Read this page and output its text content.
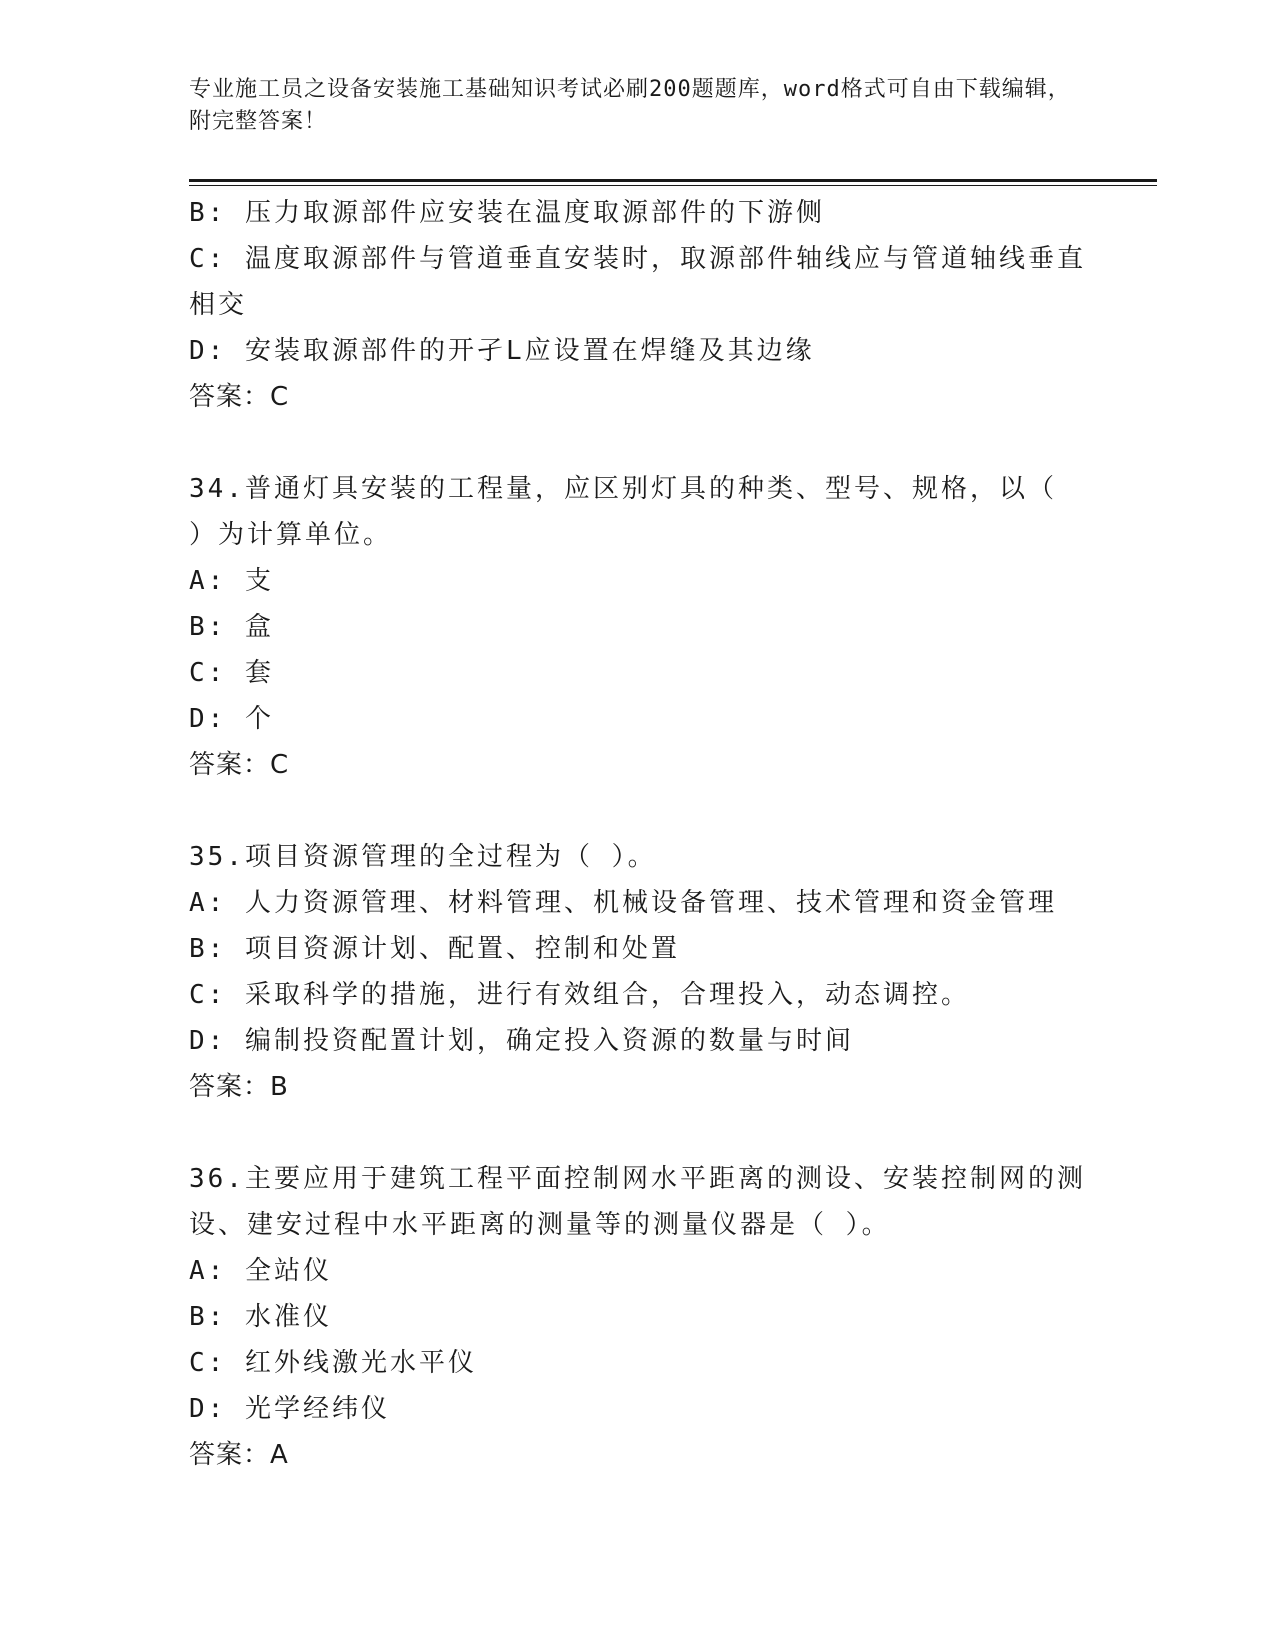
专业施工员之设备安装施工基础知识考试必刷200题题库，word格式可自由下载编辑，附完整答案！
B: 压力取源部件应安装在温度取源部件的下游侧
C: 温度取源部件与管道垂直安装时，取源部件轴线应与管道轴线垂直
相交
D: 安装取源部件的开孑L应设置在焊缝及其边缘
答案：C
34.普通灯具安装的工程量，应区别灯具的种类、型号、规格，以（
）为计算单位。
A: 支
B: 盒
C: 套
D: 个
答案：C
35.项目资源管理的全过程为（ ）。
A: 人力资源管理、材料管理、机械设备管理、技术管理和资金管理
B: 项目资源计划、配置、控制和处置
C: 采取科学的措施，进行有效组合，合理投入，动态调控。
D: 编制投资配置计划，确定投入资源的数量与时间
答案：B
36.主要应用于建筑工程平面控制网水平距离的测设、安装控制网的测
设、建安过程中水平距离的测量等的测量仪器是（ ）。
A: 全站仪
B: 水准仪
C: 红外线激光水平仪
D: 光学经纬仪
答案：A
